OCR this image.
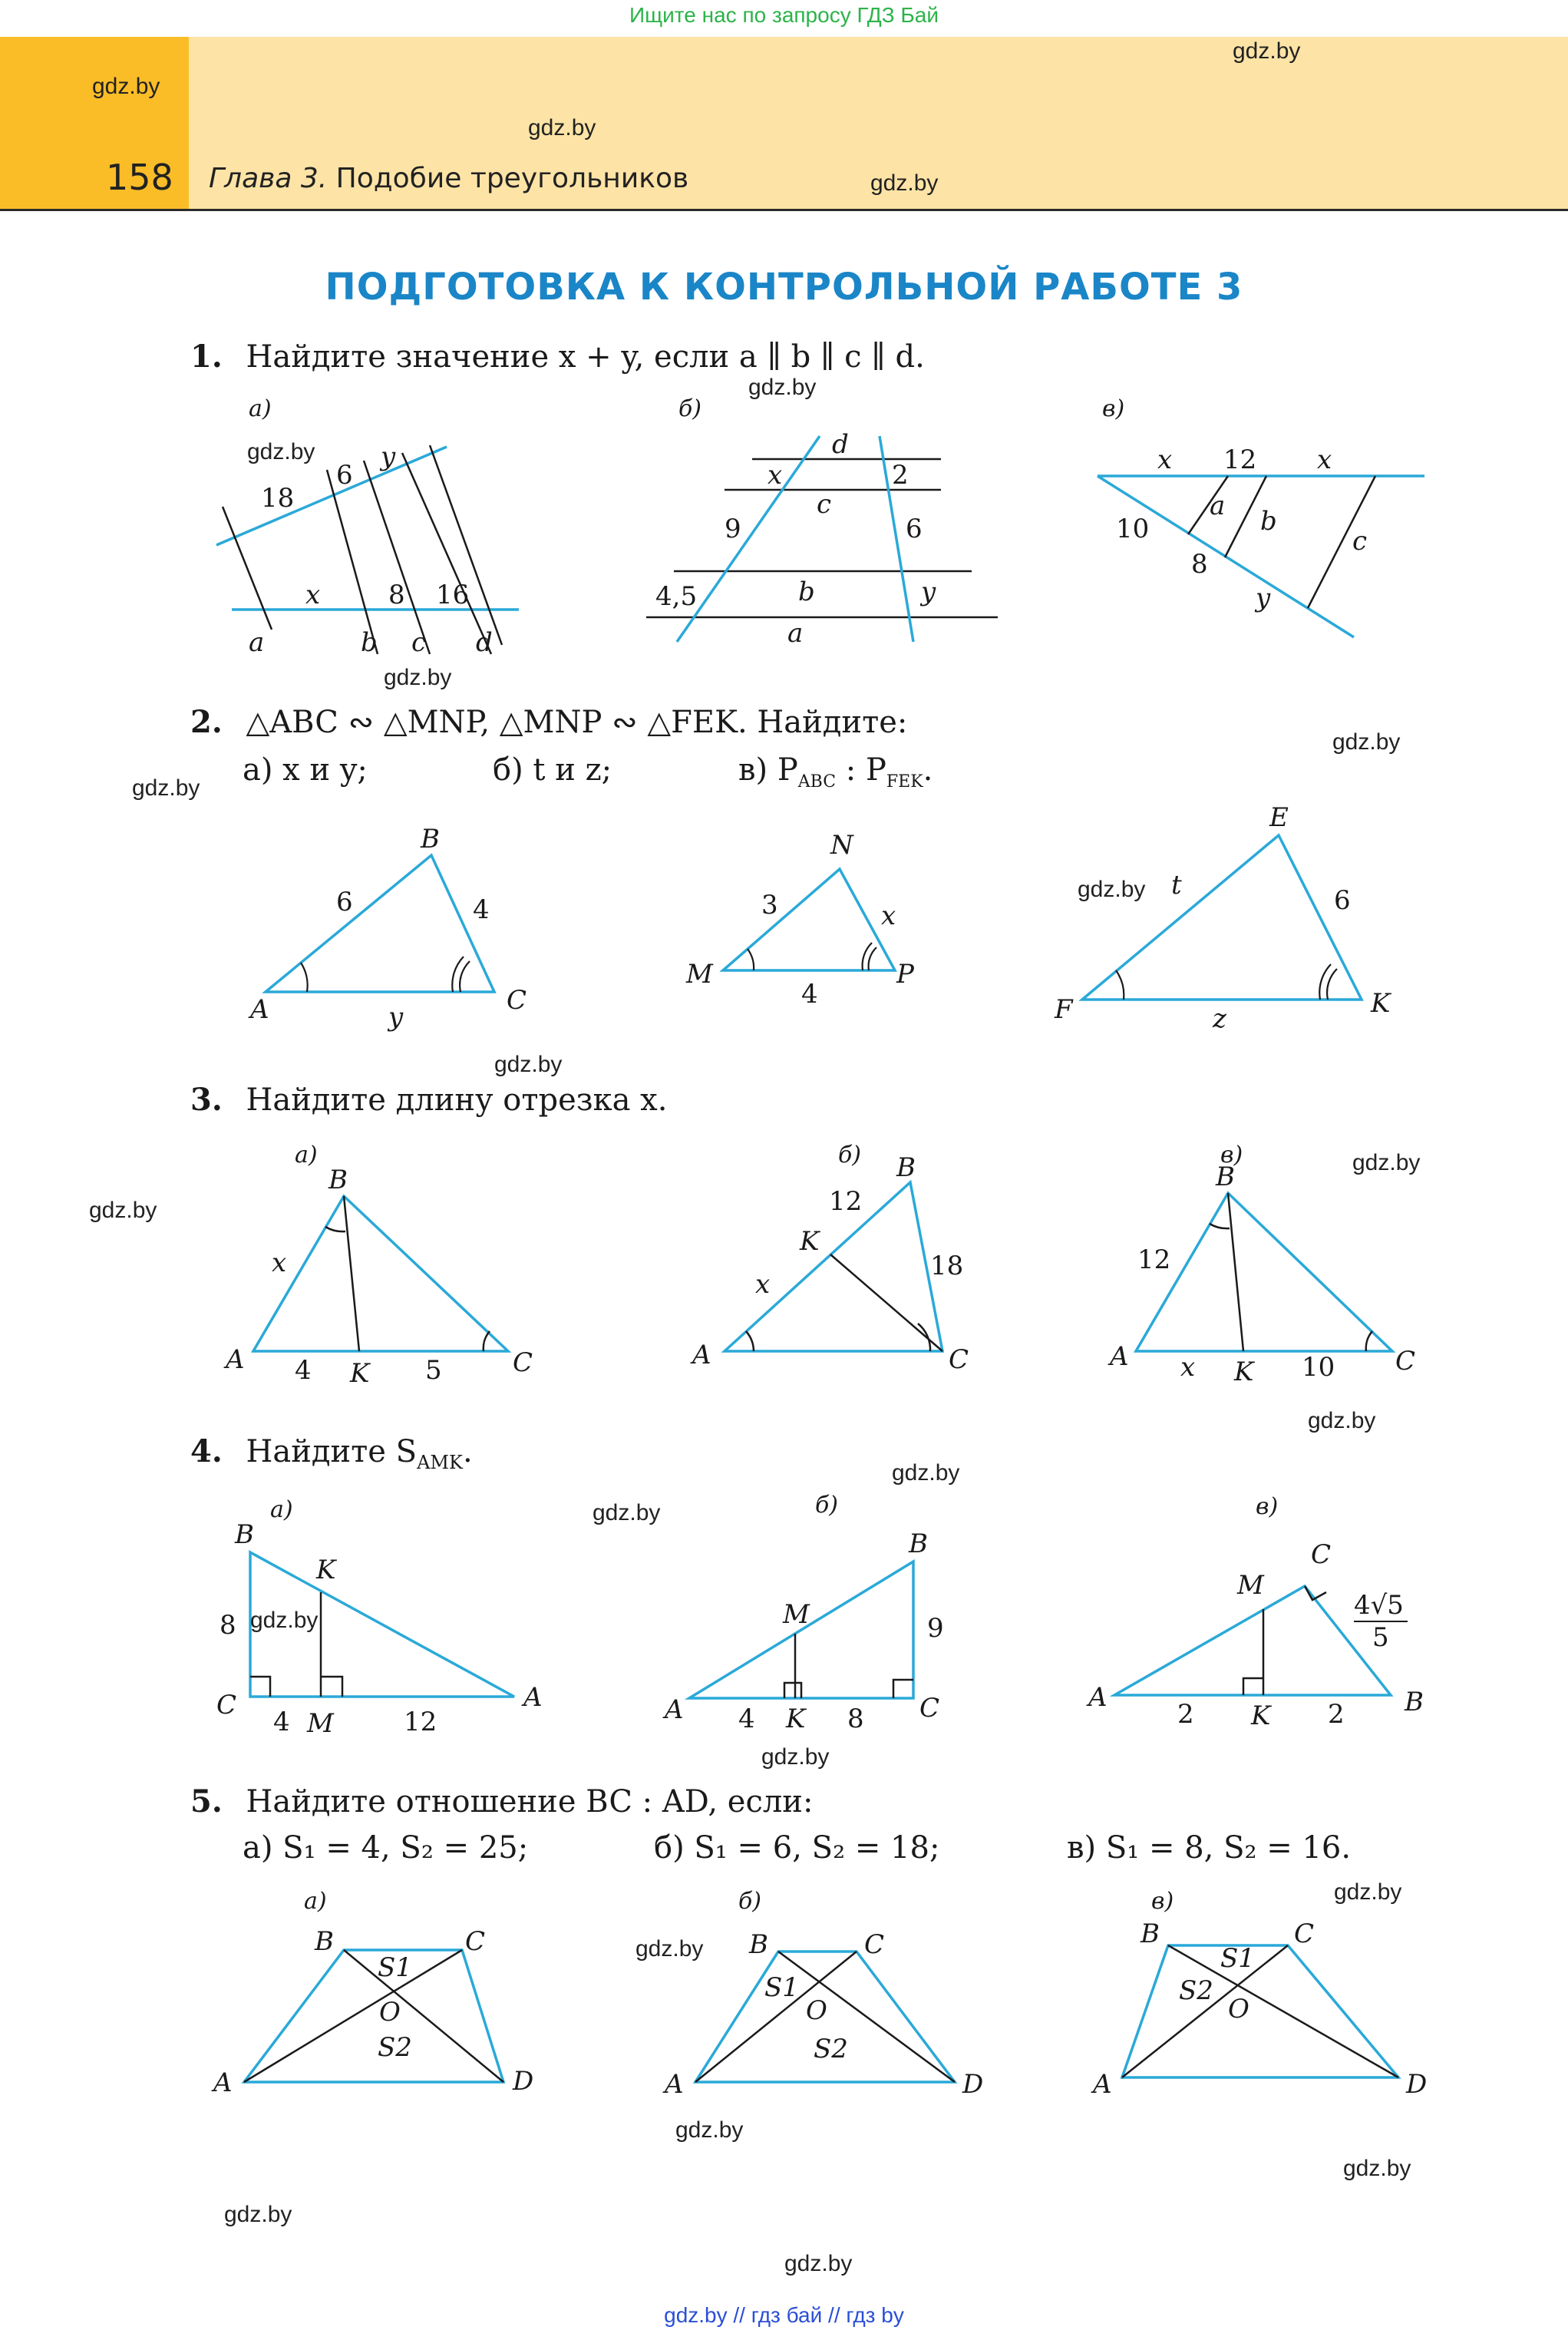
Ищите нас по запросу ГДЗ Бай
158 Глава 3. Подобие треугольников
gdz.by
gdz.by
gdz.by
gdz.by
ПОДГОТОВКА К КОНТРОЛЬНОЙ РАБОТЕ 3
1. Найдите значение x + y, если a ∥ b ∥ c ∥ d.
gdz.by
gdz.by
gdz.by
а)
18
6
y
x	8 16
a	b c d
б)
d
x	2
c
9	6
4,5	b	y
a
в)
x 12 x
10
a b
8
c
y
B
6	4
A	y
C
N
3	x
M	P
4
E
t	6
F	z	K
а)
B
x
A 4 K 5	C
б) B
12
K
18
x
A	C
в)
B
12
A x K 10 C
а)
B
K
8
C
4 M	12
A
б)
B
M	9
A 4 K 8 C
в)
C
M
4√5
5
A
2 K 2 B
а)
B	C
S1
O
S2
A	D
б)
B	C
S1
O
S2
A	D
в)
B	C
S1
S2
O
A	D
2. △ABC ∾ △MNP, △MNP ∾ △FEK. Найдите:
а) x и y;	б) t и z;	в) $P_{ABC}$ : $P_{FEK}$.
gdz.by
gdz.by
gdz.by
gdz.by
3. Найдите длину отрезка x.
gdz.by
gdz.by
gdz.by
4. Найдите $S_{AMK}$.
gdz.by
gdz.by
gdz.by
gdz.by
5. Найдите отношение BC : AD, если:
а) S₁ = 4, S₂ = 25;	б) S₁ = 6, S₂ = 18;	в) S₁ = 8, S₂ = 16.
gdz.by
gdz.by
gdz.by
gdz.by
gdz.by
gdz.by
gdz.by // гдз бай // гдз by
